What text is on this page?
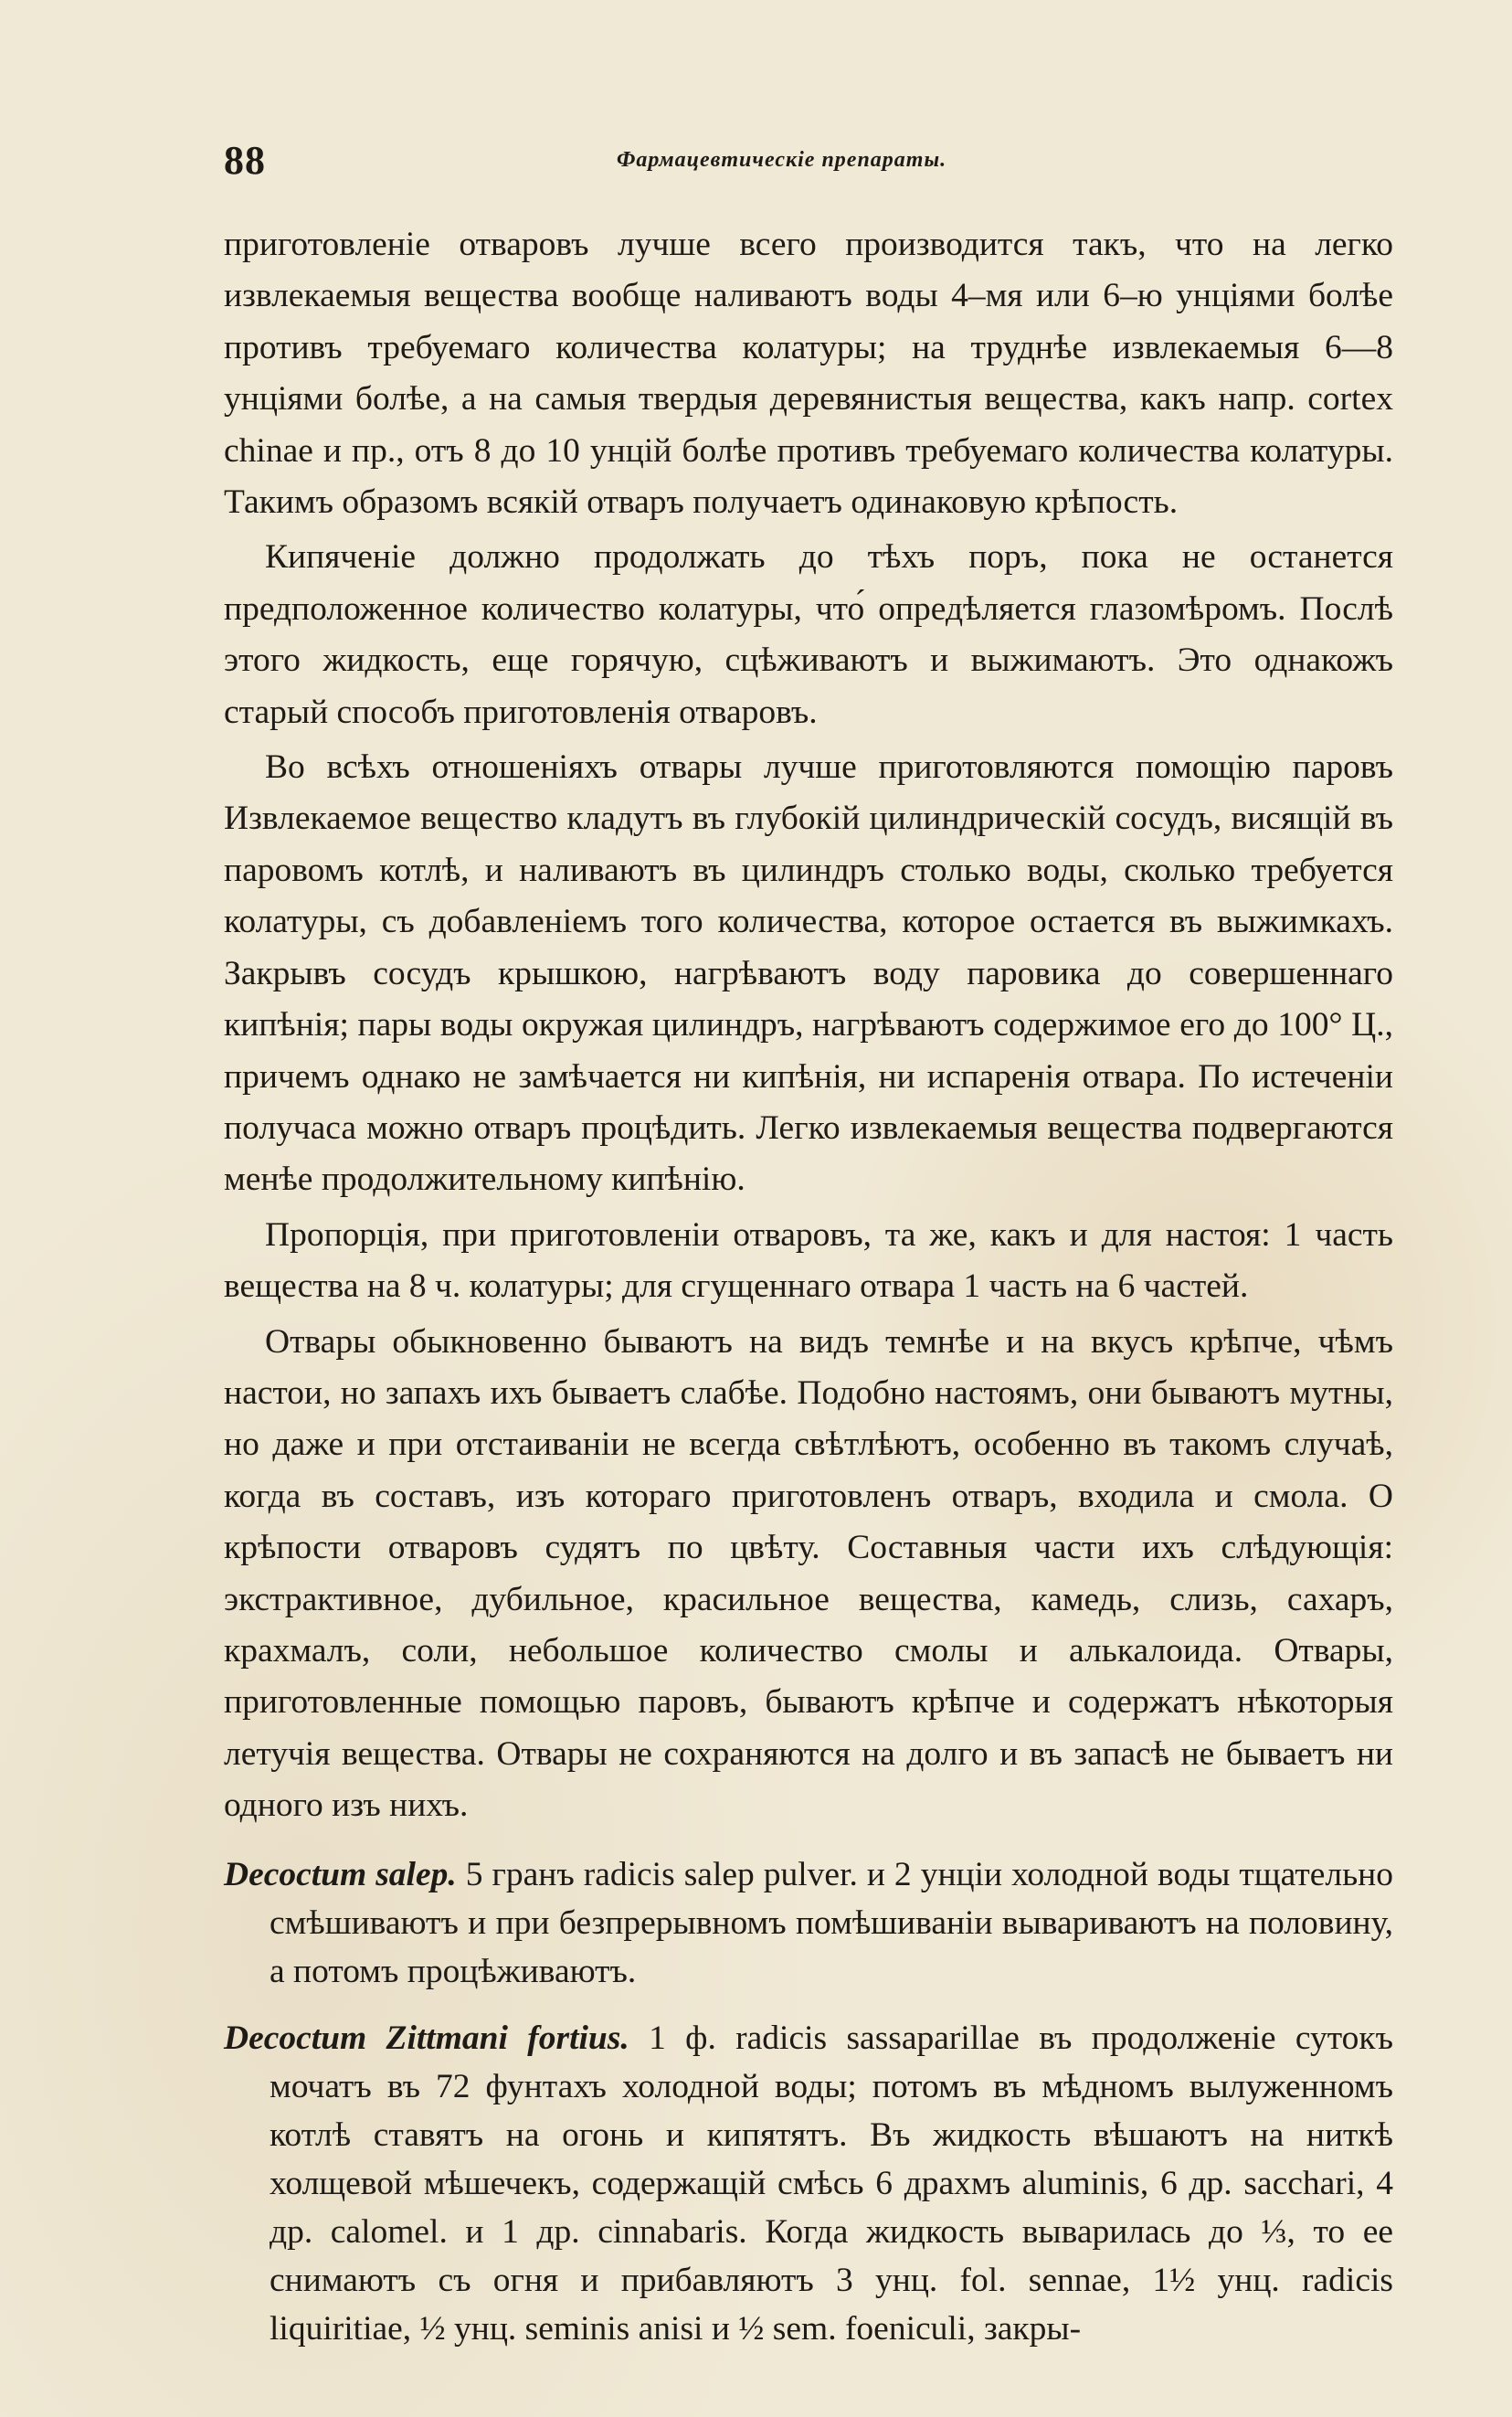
88	Фармацевтическіе препараты.

приготовленіе отваровъ лучше всего производится такъ, что на легко извлекаемыя вещества вообще наливаютъ воды 4–мя или 6–ю унціями болѣе противъ требуемаго количества колатуры; на труднѣе извлекаемыя 6—8 унціями болѣе, а на самыя твердыя деревянистыя вещества, какъ напр. cortex chinae и пр., отъ 8 до 10 унцій болѣе противъ требуемаго количества колатуры. Такимъ образомъ всякій отваръ получаетъ одинаковую крѣпость.

Кипяченіе должно продолжать до тѣхъ поръ, пока не останется предположенное количество колатуры, что́ опредѣляется глазомѣромъ. Послѣ этого жидкость, еще горячую, сцѣживаютъ и выжимаютъ. Это однакожъ старый способъ приготовленія отваровъ.

Во всѣхъ отношеніяхъ отвары лучше приготовляются помощію паровъ Извлекаемое вещество кладутъ въ глубокій цилиндрическій сосудъ, висящій въ паровомъ котлѣ, и наливаютъ въ цилиндръ столько воды, сколько требуется колатуры, съ добавленіемъ того количества, которое остается въ выжимкахъ. Закрывъ сосудъ крышкою, нагрѣваютъ воду паровика до совершеннаго кипѣнія; пары воды окружая цилиндръ, нагрѣваютъ содержимое его до 100° Ц., причемъ однако не замѣчается ни кипѣнія, ни испаренія отвара. По истеченіи получаса можно отваръ процѣдить. Легко извлекаемыя вещества подвергаются менѣе продолжительному кипѣнію.

Пропорція, при приготовленіи отваровъ, та же, какъ и для настоя: 1 часть вещества на 8 ч. колатуры; для сгущеннаго отвара 1 часть на 6 частей.

Отвары обыкновенно бываютъ на видъ темнѣе и на вкусъ крѣпче, чѣмъ настои, но запахъ ихъ бываетъ слабѣе. Подобно настоямъ, они бываютъ мутны, но даже и при отстаиваніи не всегда свѣтлѣютъ, особенно въ такомъ случаѣ, когда въ составъ, изъ котораго приготовленъ отваръ, входила и смола. О крѣпости отваровъ судятъ по цвѣту. Составныя части ихъ слѣдующія: экстрактивное, дубильное, красильное вещества, камедь, слизь, сахаръ, крахмалъ, соли, небольшое количество смолы и алькалоида. Отвары, приготовленные помощью паровъ, бываютъ крѣпче и содержатъ нѣкоторыя летучія вещества. Отвары не сохраняются на долго и въ запасѣ не бываетъ ни одного изъ нихъ.

Decoctum salep. 5 гранъ radicis salep pulver. и 2 унціи холодной воды тщательно смѣшиваютъ и при безпрерывномъ помѣшиваніи вывариваютъ на половину, а потомъ процѣживаютъ.

Decoctum Zittmani fortius. 1 ф. radicis sassaparillae въ продолженіе сутокъ мочатъ въ 72 фунтахъ холодной воды; потомъ въ мѣдномъ вылуженномъ котлѣ ставятъ на огонь и кипятятъ. Въ жидкость вѣшаютъ на ниткѣ холщевой мѣшечекъ, содержащій смѣсь 6 драхмъ aluminis, 6 др. sacchari, 4 др. calomel. и 1 др. cinnabaris. Когда жидкость выварилась до ⅓, то ее снимаютъ съ огня и прибавляютъ 3 унц. fol. sennae, 1½ унц. radicis liquiritiae, ½ унц. seminis anisi и ½ sem. foeniculi, закры-
